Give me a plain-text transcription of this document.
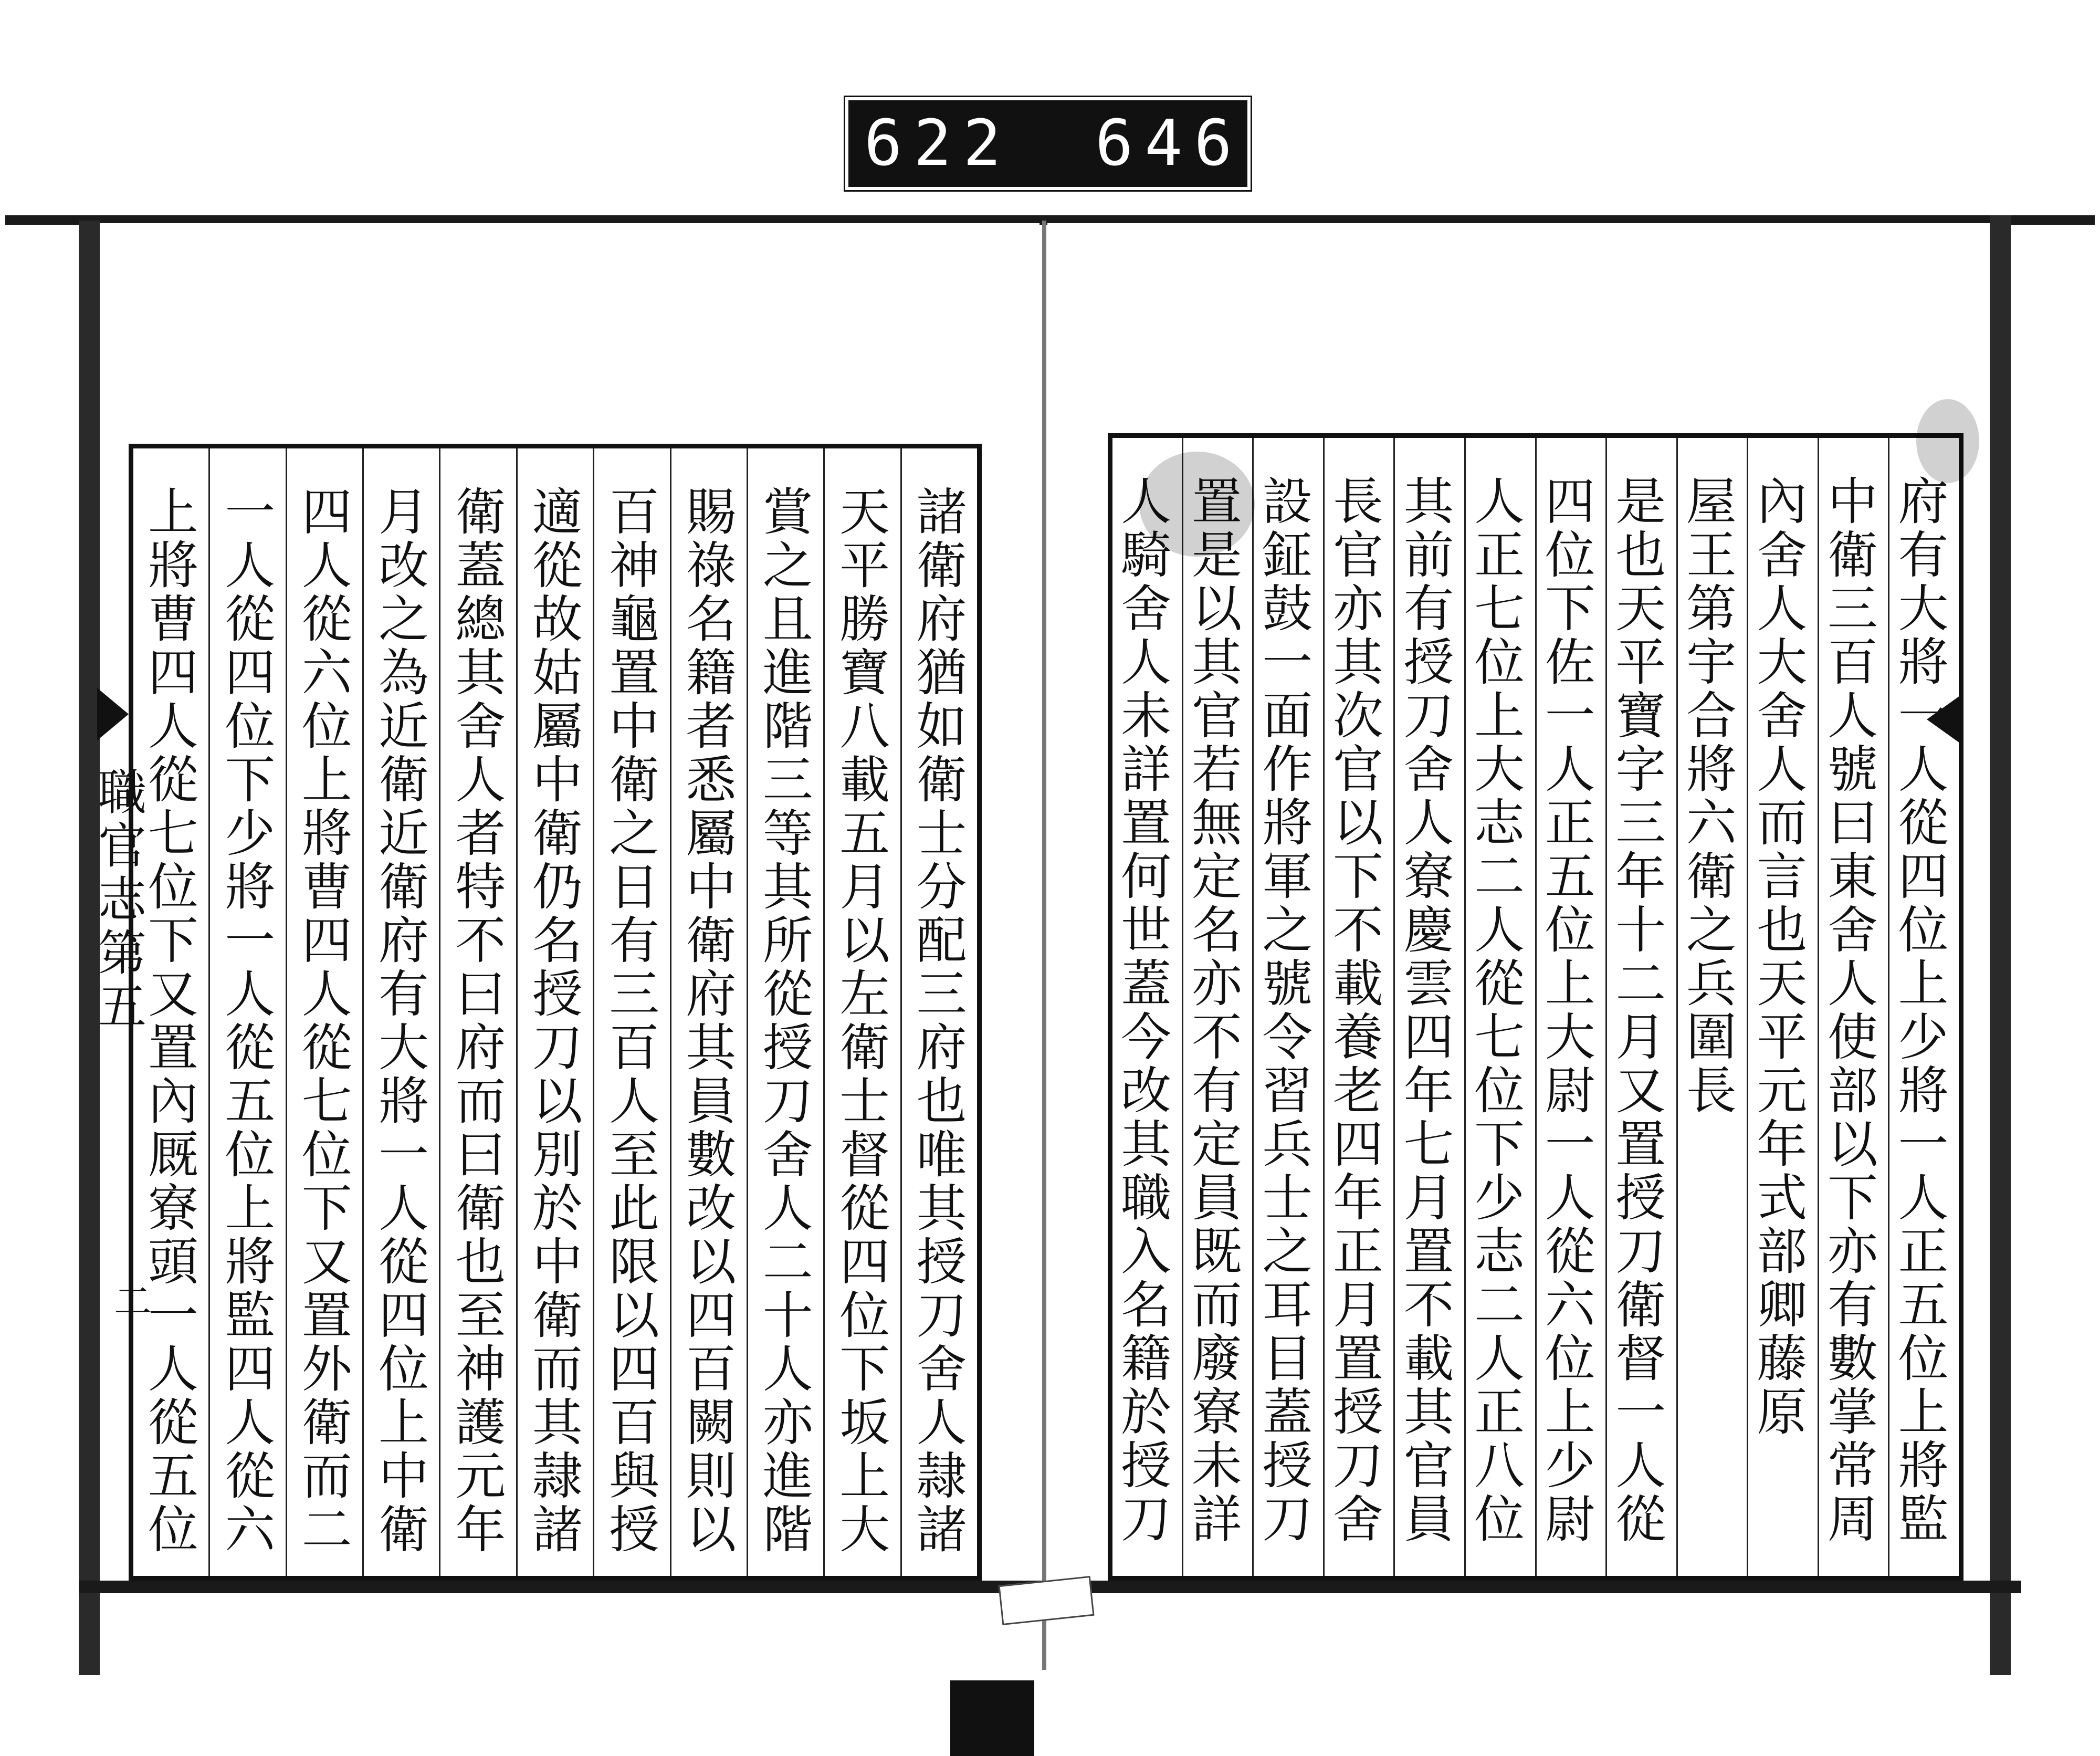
622 646
職官志第五
二
諸衛府猶如衛士分配三府也唯其授刀舍人隷諸
天平勝寶八載五月以左衛士督從四位下坂上大
賞之且進階三等其所從授刀舍人二十人亦進階
賜祿名籍者悉屬中衛府其員數改以四百闕則以
百神龜置中衛之日有三百人至此限以四百與授
適從故姑屬中衛仍名授刀以別於中衛而其隷諸
衛蓋總其舍人者特不曰府而曰衛也至神護元年
月改之為近衛近衛府有大將一人從四位上中衛
四人從六位上將曹四人從七位下又置外衛而二
一人從四位下少將一人從五位上將監四人從六
上將曹四人從七位下又置內厩寮頭一人從五位
府有大將一人從四位上少將一人正五位上將監
中衛三百人號曰東舍人使部以下亦有數掌常周
內舍人大舍人而言也天平元年式部卿藤原
屋王第宇合將六衛之兵圍長
是也天平寶字三年十二月又置授刀衛督一人從
四位下佐一人正五位上大尉一人從六位上少尉
人正七位上大志二人從七位下少志二人正八位
其前有授刀舍人寮慶雲四年七月置不載其官員
長官亦其次官以下不載養老四年正月置授刀舍
設鉦鼓一面作將軍之號令習兵士之耳目蓋授刀
置是以其官若無定名亦不有定員既而廢寮未詳
人騎舍人未詳置何世蓋今改其職入名籍於授刀
